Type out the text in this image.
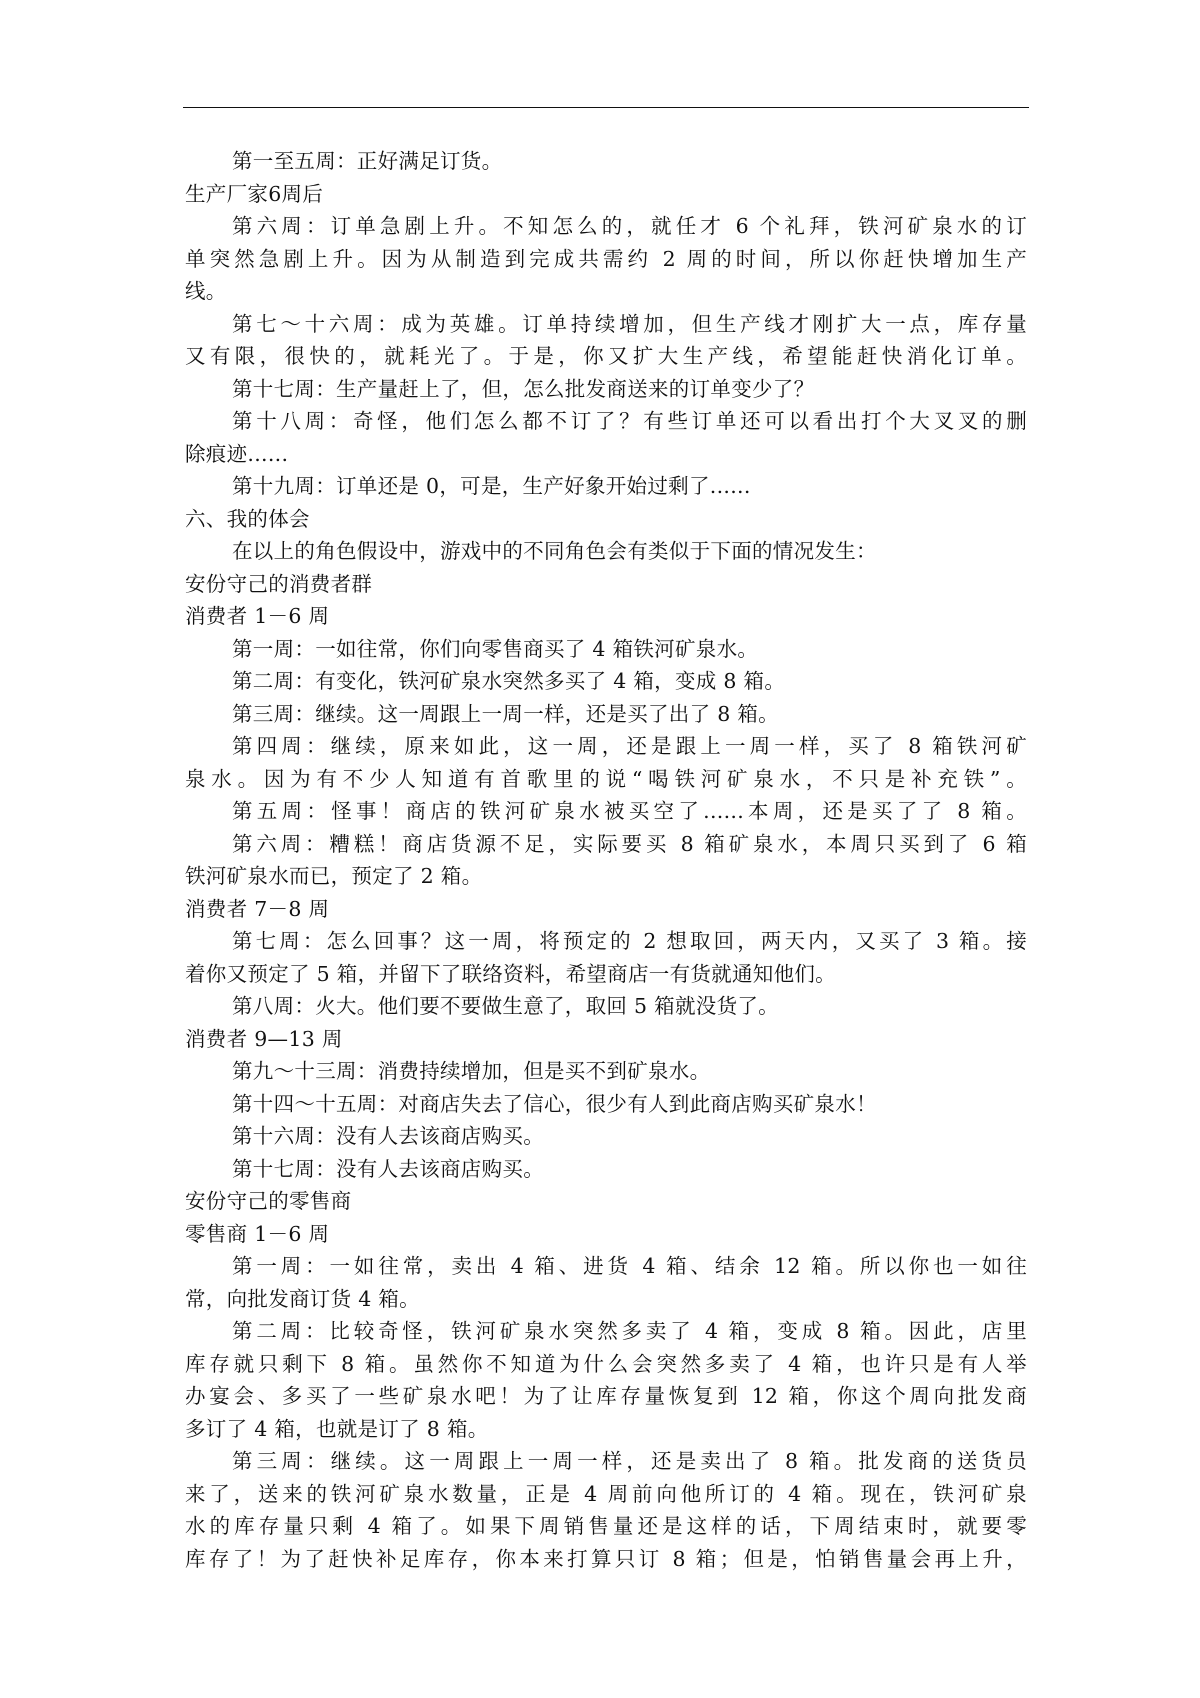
第一至五周：正好满足订货。
生产厂家6周后
第六周：订单急剧上升。不知怎么的，就任才 6 个礼拜，铁河矿泉水的订
单突然急剧上升。因为从制造到完成共需约 2 周的时间，所以你赶快增加生产
线。
第七～十六周：成为英雄。订单持续增加，但生产线才刚扩大一点，库存量
又有限，很快的，就耗光了。于是，你又扩大生产线，希望能赶快消化订单。
第十七周：生产量赶上了，但，怎么批发商送来的订单变少了？
第十八周：奇怪，他们怎么都不订了？有些订单还可以看出打个大叉叉的删
除痕迹......
第十九周：订单还是 0，可是，生产好象开始过剩了......
六、我的体会
在以上的角色假设中，游戏中的不同角色会有类似于下面的情况发生：
安份守己的消费者群
消费者 1－6 周
第一周：一如往常，你们向零售商买了 4 箱铁河矿泉水。
第二周：有变化，铁河矿泉水突然多买了 4 箱，变成 8 箱。
第三周：继续。这一周跟上一周一样，还是买了出了 8 箱。
第四周：继续，原来如此，这一周，还是跟上一周一样，买了 8 箱铁河矿
泉水。因为有不少人知道有首歌里的说“喝铁河矿泉水，不只是补充铁”。
第五周：怪事！商店的铁河矿泉水被买空了......本周，还是买了了 8 箱。
第六周：糟糕！商店货源不足，实际要买 8 箱矿泉水，本周只买到了 6 箱
铁河矿泉水而已，预定了 2 箱。
消费者 7－8 周
第七周：怎么回事？这一周，将预定的 2 想取回，两天内，又买了 3 箱。接
着你又预定了 5 箱，并留下了联络资料，希望商店一有货就通知他们。
第八周：火大。他们要不要做生意了，取回 5 箱就没货了。
消费者 9—13 周
第九～十三周：消费持续增加，但是买不到矿泉水。
第十四～十五周：对商店失去了信心，很少有人到此商店购买矿泉水！
第十六周：没有人去该商店购买。
第十七周：没有人去该商店购买。
安份守己的零售商
零售商 1－6 周
第一周：一如往常，卖出 4 箱、进货 4 箱、结余 12 箱。所以你也一如往
常，向批发商订货 4 箱。
第二周：比较奇怪，铁河矿泉水突然多卖了 4 箱，变成 8 箱。因此，店里
库存就只剩下 8 箱。虽然你不知道为什么会突然多卖了 4 箱，也许只是有人举
办宴会、多买了一些矿泉水吧！为了让库存量恢复到 12 箱，你这个周向批发商
多订了 4 箱，也就是订了 8 箱。
第三周：继续。这一周跟上一周一样，还是卖出了 8 箱。批发商的送货员
来了，送来的铁河矿泉水数量，正是 4 周前向他所订的 4 箱。现在，铁河矿泉
水的库存量只剩 4 箱了。如果下周销售量还是这样的话，下周结束时，就要零
库存了！为了赶快补足库存，你本来打算只订 8 箱；但是，怕销售量会再上升，
